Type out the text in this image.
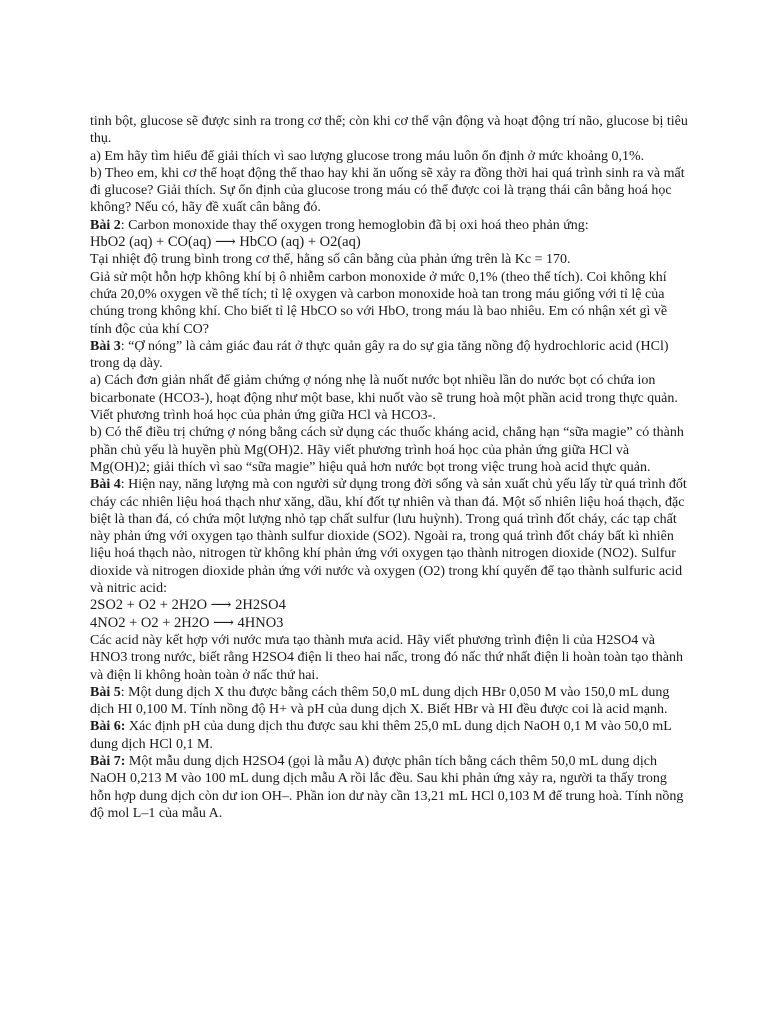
tinh bột, glucose sẽ được sinh ra trong cơ thể; còn khi cơ thể vận động và hoạt động trí não, glucose bị tiêu thụ.

a) Em hãy tìm hiểu để giải thích vì sao lượng glucose trong máu luôn ổn định ở mức khoảng 0,1%.

b) Theo em, khi cơ thể hoạt động thể thao hay khi ăn uống sẽ xảy ra đồng thời hai quá trình sinh ra và mất đi glucose? Giải thích. Sự ổn định của glucose trong máu có thể được coi là trạng thái cân bằng hoá học không? Nếu có, hãy đề xuất cân bằng đó.

Bài 2: Carbon monoxide thay thế oxygen trong hemoglobin đã bị oxi hoá theo phản ứng:

HbO2 (aq) + CO(aq) ⟶ HbCO (aq) + O2(aq)

Tại nhiệt độ trung bình trong cơ thể, hằng số cân bằng của phản ứng trên là Kc = 170.

Giả sử một hỗn hợp không khí bị ô nhiễm carbon monoxide ở mức 0,1% (theo thể tích). Coi không khí chứa 20,0% oxygen về thể tích; tỉ lệ oxygen và carbon monoxide hoà tan trong máu giống với tỉ lệ của chúng trong không khí. Cho biết tỉ lệ HbCO so với HbO, trong máu là bao nhiêu. Em có nhận xét gì về tính độc của khí CO?

Bài 3: “Ợ nóng” là cảm giác đau rát ở thực quản gây ra do sự gia tăng nồng độ hydrochloric acid (HCl) trong dạ dày.

a) Cách đơn giản nhất để giảm chứng ợ nóng nhẹ là nuốt nước bọt nhiều lần do nước bọt có chứa ion bicarbonate (HCO3-), hoạt động như một base, khi nuốt vào sẽ trung hoà một phần acid trong thực quản. Viết phương trình hoá học của phản ứng giữa HCl và HCO3-.

b) Có thể điều trị chứng ợ nóng bằng cách sử dụng các thuốc kháng acid, chẳng hạn “sữa magie” có thành phần chủ yếu là huyền phù Mg(OH)2. Hãy viết phương trình hoá học của phản ứng giữa HCl và Mg(OH)2; giải thích vì sao “sữa magie” hiệu quả hơn nước bọt trong việc trung hoà acid thực quản.

Bài 4: Hiện nay, năng lượng mà con người sử dụng trong đời sống và sản xuất chủ yếu lấy từ quá trình đốt cháy các nhiên liệu hoá thạch như xăng, dầu, khí đốt tự nhiên và than đá. Một số nhiên liệu hoá thạch, đặc biệt là than đá, có chứa một lượng nhỏ tạp chất sulfur (lưu huỳnh). Trong quá trình đốt cháy, các tạp chất này phản ứng với oxygen tạo thành sulfur dioxide (SO2). Ngoài ra, trong quá trình đốt cháy bất kì nhiên liệu hoá thạch nào, nitrogen từ không khí phản ứng với oxygen tạo thành nitrogen dioxide (NO2). Sulfur dioxide và nitrogen dioxide phản ứng với nước và oxygen (O2) trong khí quyển để tạo thành sulfuric acid và nitric acid:

2SO2 + O2 + 2H2O ⟶ 2H2SO4

4NO2 + O2 + 2H2O ⟶ 4HNO3

Các acid này kết hợp với nước mưa tạo thành mưa acid. Hãy viết phương trình điện li của H2SO4 và HNO3 trong nước, biết rằng H2SO4 điện li theo hai nấc, trong đó nấc thứ nhất điện li hoàn toàn tạo thành và điện li không hoàn toàn ở nấc thứ hai.

Bài 5: Một dung dịch X thu được bằng cách thêm 50,0 mL dung dịch HBr 0,050 M vào 150,0 mL dung dịch HI 0,100 M. Tính nồng độ H+ và pH của dung dịch X. Biết HBr và HI đều được coi là acid mạnh.

Bài 6: Xác định pH của dung dịch thu được sau khi thêm 25,0 mL dung dịch NaOH 0,1 M vào 50,0 mL dung dịch HCl 0,1 M.

Bài 7: Một mẫu dung dịch H2SO4 (gọi là mẫu A) được phân tích bằng cách thêm 50,0 mL dung dịch NaOH 0,213 M vào 100 mL dung dịch mẫu A rồi lắc đều. Sau khi phản ứng xảy ra, người ta thấy trong hỗn hợp dung dịch còn dư ion OH–. Phần ion dư này cần 13,21 mL HCl 0,103 M để trung hoà. Tính nồng độ mol L–1 của mẫu A.
